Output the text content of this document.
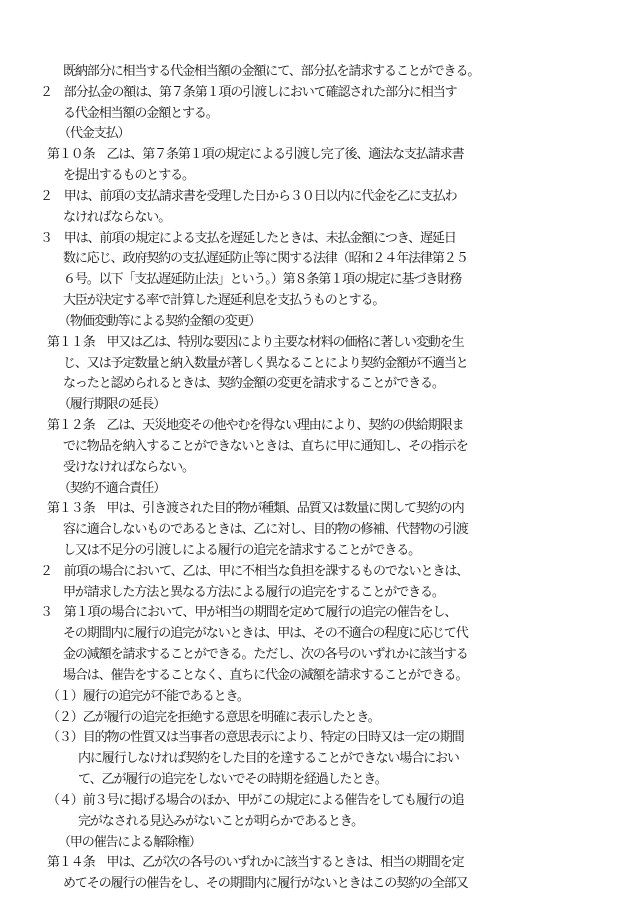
既納部分に相当する代金相当額の金額にて、部分払を請求することができる。
２　部分払金の額は、第７条第１項の引渡しにおいて確認された部分に相当す
る代金相当額の金額とする。
（代金支払）
第１０条　乙は、第７条第１項の規定による引渡し完了後、適法な支払請求書
を提出するものとする。
２　甲は、前項の支払請求書を受理した日から３０日以内に代金を乙に支払わ
なければならない。
３　甲は、前項の規定による支払を遅延したときは、未払金額につき、遅延日
数に応じ、政府契約の支払遅延防止等に関する法律（昭和２４年法律第２５
６号。以下「支払遅延防止法」という。）第８条第１項の規定に基づき財務
大臣が決定する率で計算した遅延利息を支払うものとする。
（物価変動等による契約金額の変更）
第１１条　甲又は乙は、特別な要因により主要な材料の価格に著しい変動を生
じ、又は予定数量と納入数量が著しく異なることにより契約金額が不適当と
なったと認められるときは、契約金額の変更を請求することができる。
（履行期限の延長）
第１２条　乙は、天災地変その他やむを得ない理由により、契約の供給期限ま
でに物品を納入することができないときは、直ちに甲に通知し、その指示を
受けなければならない。
（契約不適合責任）
第１３条　甲は、引き渡された目的物が種類、品質又は数量に関して契約の内
容に適合しないものであるときは、乙に対し、目的物の修補、代替物の引渡
し又は不足分の引渡しによる履行の追完を請求することができる。
２　前項の場合において、乙は、甲に不相当な負担を課するものでないときは、
甲が請求した方法と異なる方法による履行の追完をすることができる。
３　第１項の場合において、甲が相当の期間を定めて履行の追完の催告をし、
その期間内に履行の追完がないときは、甲は、その不適合の程度に応じて代
金の減額を請求することができる。ただし、次の各号のいずれかに該当する
場合は、催告をすることなく、直ちに代金の減額を請求することができる。
（１）履行の追完が不能であるとき。
（２）乙が履行の追完を拒絶する意思を明確に表示したとき。
（３）目的物の性質又は当事者の意思表示により、特定の日時又は一定の期間
内に履行しなければ契約をした目的を達することができない場合におい
て、乙が履行の追完をしないでその時期を経過したとき。
（４）前３号に掲げる場合のほか、甲がこの規定による催告をしても履行の追
完がなされる見込みがないことが明らかであるとき。
（甲の催告による解除権）
第１４条　甲は、乙が次の各号のいずれかに該当するときは、相当の期間を定
めてその履行の催告をし、その期間内に履行がないときはこの契約の全部又
